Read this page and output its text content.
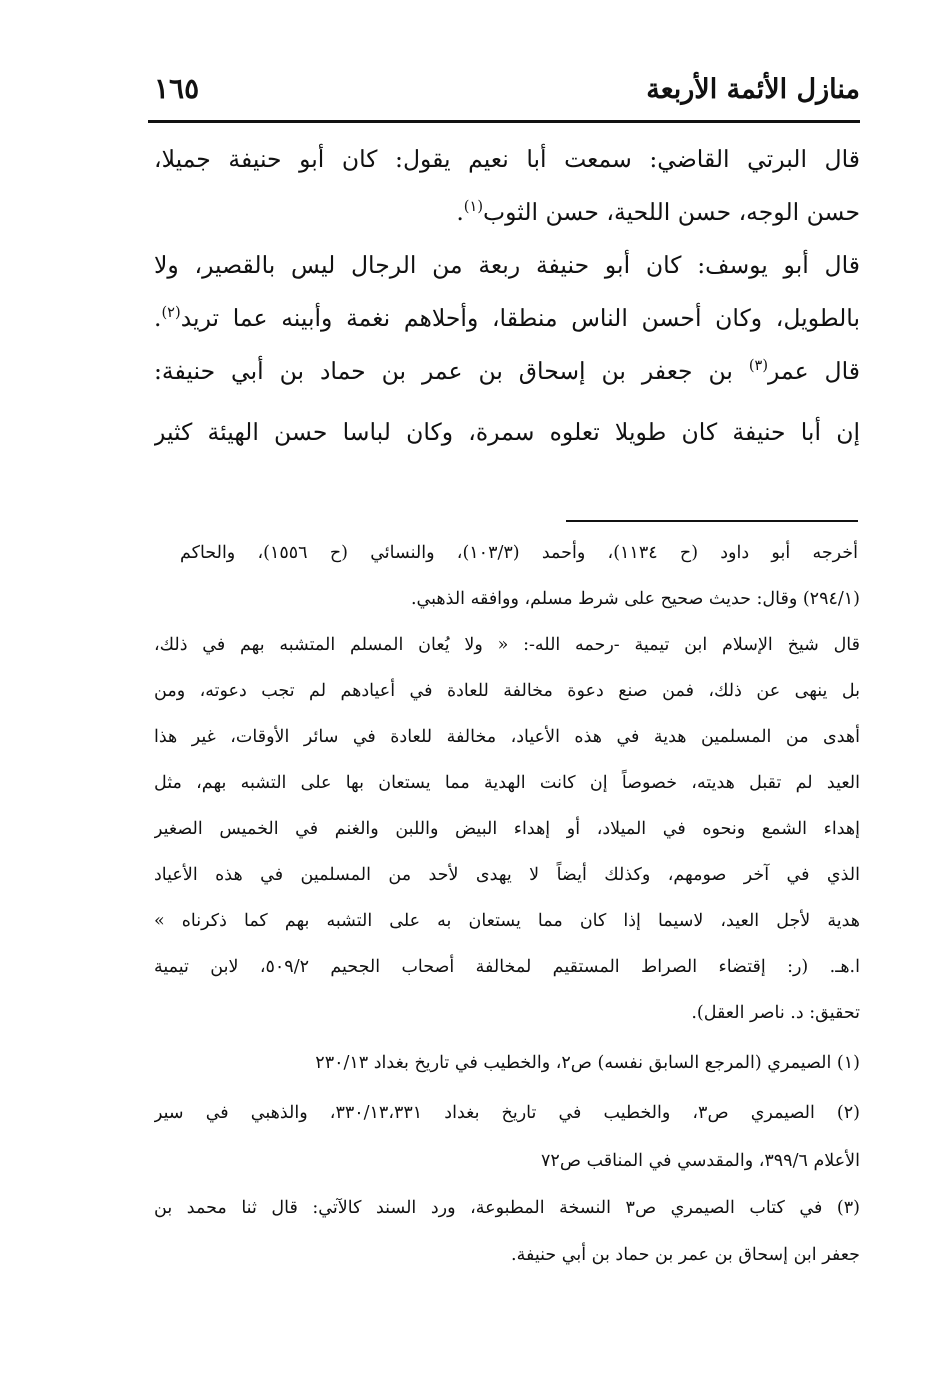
منازل الأئمة الأربعة
١٦٥
قال البرتي القاضي: سمعت أبا نعيم يقول: كان أبو حنيفة جميلا،
حسن الوجه، حسن اللحية، حسن الثوب$^{(١)}$.
قال أبو يوسف: كان أبو حنيفة ربعة من الرجال ليس بالقصير، ولا
بالطويل، وكان أحسن الناس منطقا، وأحلاهم نغمة وأبينه عما تريد$^{(٢)}$.
قال عمر$^{(٣)}$ بن جعفر بن إسحاق بن عمر بن حماد بن أبي حنيفة:
إن أبا حنيفة كان طويلا تعلوه سمرة، وكان لباسا حسن الهيئة كثير
أخرجه أبو داود (ح ١١٣٤)، وأحمد (١٠٣/٣)، والنسائي (ح ١٥٥٦)، والحاكم
(٢٩٤/١) وقال: حديث صحيح على شرط مسلم، ووافقه الذهبي.
قال شيخ الإسلام ابن تيمية -رحمه الله-: « ولا يُعان المسلم المتشبه بهم في ذلك،
بل ينهى عن ذلك، فمن صنع دعوة مخالفة للعادة في أعيادهم لم تجب دعوته، ومن
أهدى من المسلمين هدية في هذه الأعياد، مخالفة للعادة في سائر الأوقات، غير هذا
العيد لم تقبل هديته، خصوصاً إن كانت الهدية مما يستعان بها على التشبه بهم، مثل
إهداء الشمع ونحوه في الميلاد، أو إهداء البيض واللبن والغنم في الخميس الصغير
الذي في آخر صومهم، وكذلك أيضاً لا يهدى لأحد من المسلمين في هذه الأعياد
هدية لأجل العيد، لاسيما إذا كان مما يستعان به على التشبه بهم كما ذكرناه »
ا.هـ. (ر: إقتضاء الصراط المستقيم لمخالفة أصحاب الجحيم ٥٠٩/٢، لابن تيمية
تحقيق: د. ناصر العقل).
(١) الصيمري (المرجع السابق نفسه) ص٢، والخطيب في تاريخ بغداد ٢٣٠/١٣
(٢) الصيمري ص٣، والخطيب في تاريخ بغداد ٣٣٠/١٣،٣٣١، والذهبي في سير
الأعلام ٣٩٩/٦، والمقدسي في المناقب ص٧٢
(٣) في كتاب الصيمري ص٣ النسخة المطبوعة، ورد السند كالآتي: قال ثنا محمد بن
جعفر ابن إسحاق بن عمر بن حماد بن أبي حنيفة.
